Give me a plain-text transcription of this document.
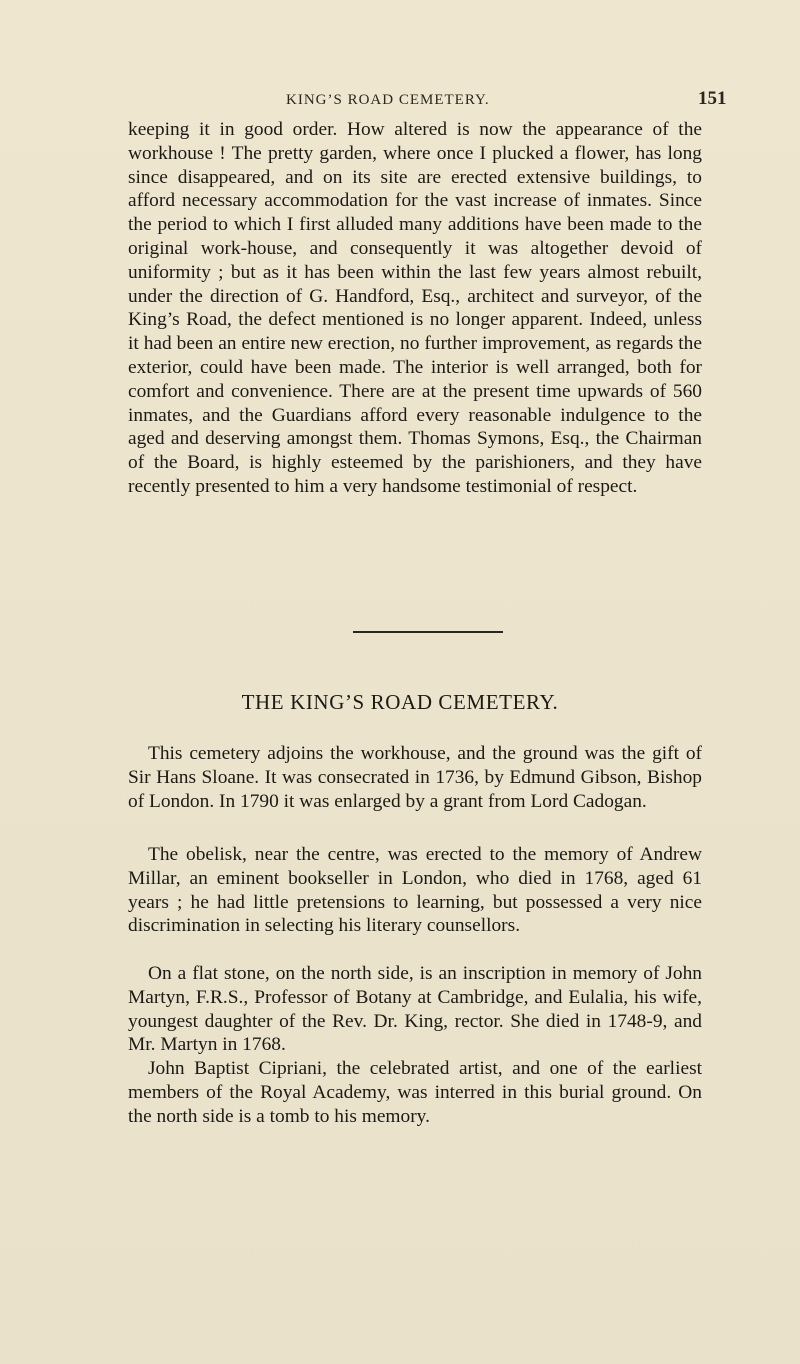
KING’S ROAD CEMETERY.	151

keeping it in good order. How altered is now the appearance of the workhouse ! The pretty garden, where once I plucked a flower, has long since disappeared, and on its site are erected extensive buildings, to afford necessary accommodation for the vast increase of inmates. Since the period to which I first alluded many additions have been made to the original work-house, and consequently it was altogether devoid of uniformity ; but as it has been within the last few years almost rebuilt, under the direction of G. Handford, Esq., architect and surveyor, of the King’s Road, the defect mentioned is no longer apparent. Indeed, unless it had been an entire new erection, no further improvement, as regards the exterior, could have been made. The interior is well arranged, both for comfort and convenience. There are at the present time upwards of 560 inmates, and the Guardians afford every reasonable indulgence to the aged and deserving amongst them. Thomas Symons, Esq., the Chairman of the Board, is highly esteemed by the parishioners, and they have recently presented to him a very handsome testimonial of respect.

THE KING’S ROAD CEMETERY.

This cemetery adjoins the workhouse, and the ground was the gift of Sir Hans Sloane. It was consecrated in 1736, by Edmund Gibson, Bishop of London. In 1790 it was enlarged by a grant from Lord Cadogan.

The obelisk, near the centre, was erected to the memory of Andrew Millar, an eminent bookseller in London, who died in 1768, aged 61 years ; he had little pretensions to learning, but possessed a very nice discrimination in selecting his literary counsellors.

On a flat stone, on the north side, is an inscription in memory of John Martyn, F.R.S., Professor of Botany at Cambridge, and Eulalia, his wife, youngest daughter of the Rev. Dr. King, rector. She died in 1748-9, and Mr. Martyn in 1768.

John Baptist Cipriani, the celebrated artist, and one of the earliest members of the Royal Academy, was interred in this burial ground. On the north side is a tomb to his memory.
